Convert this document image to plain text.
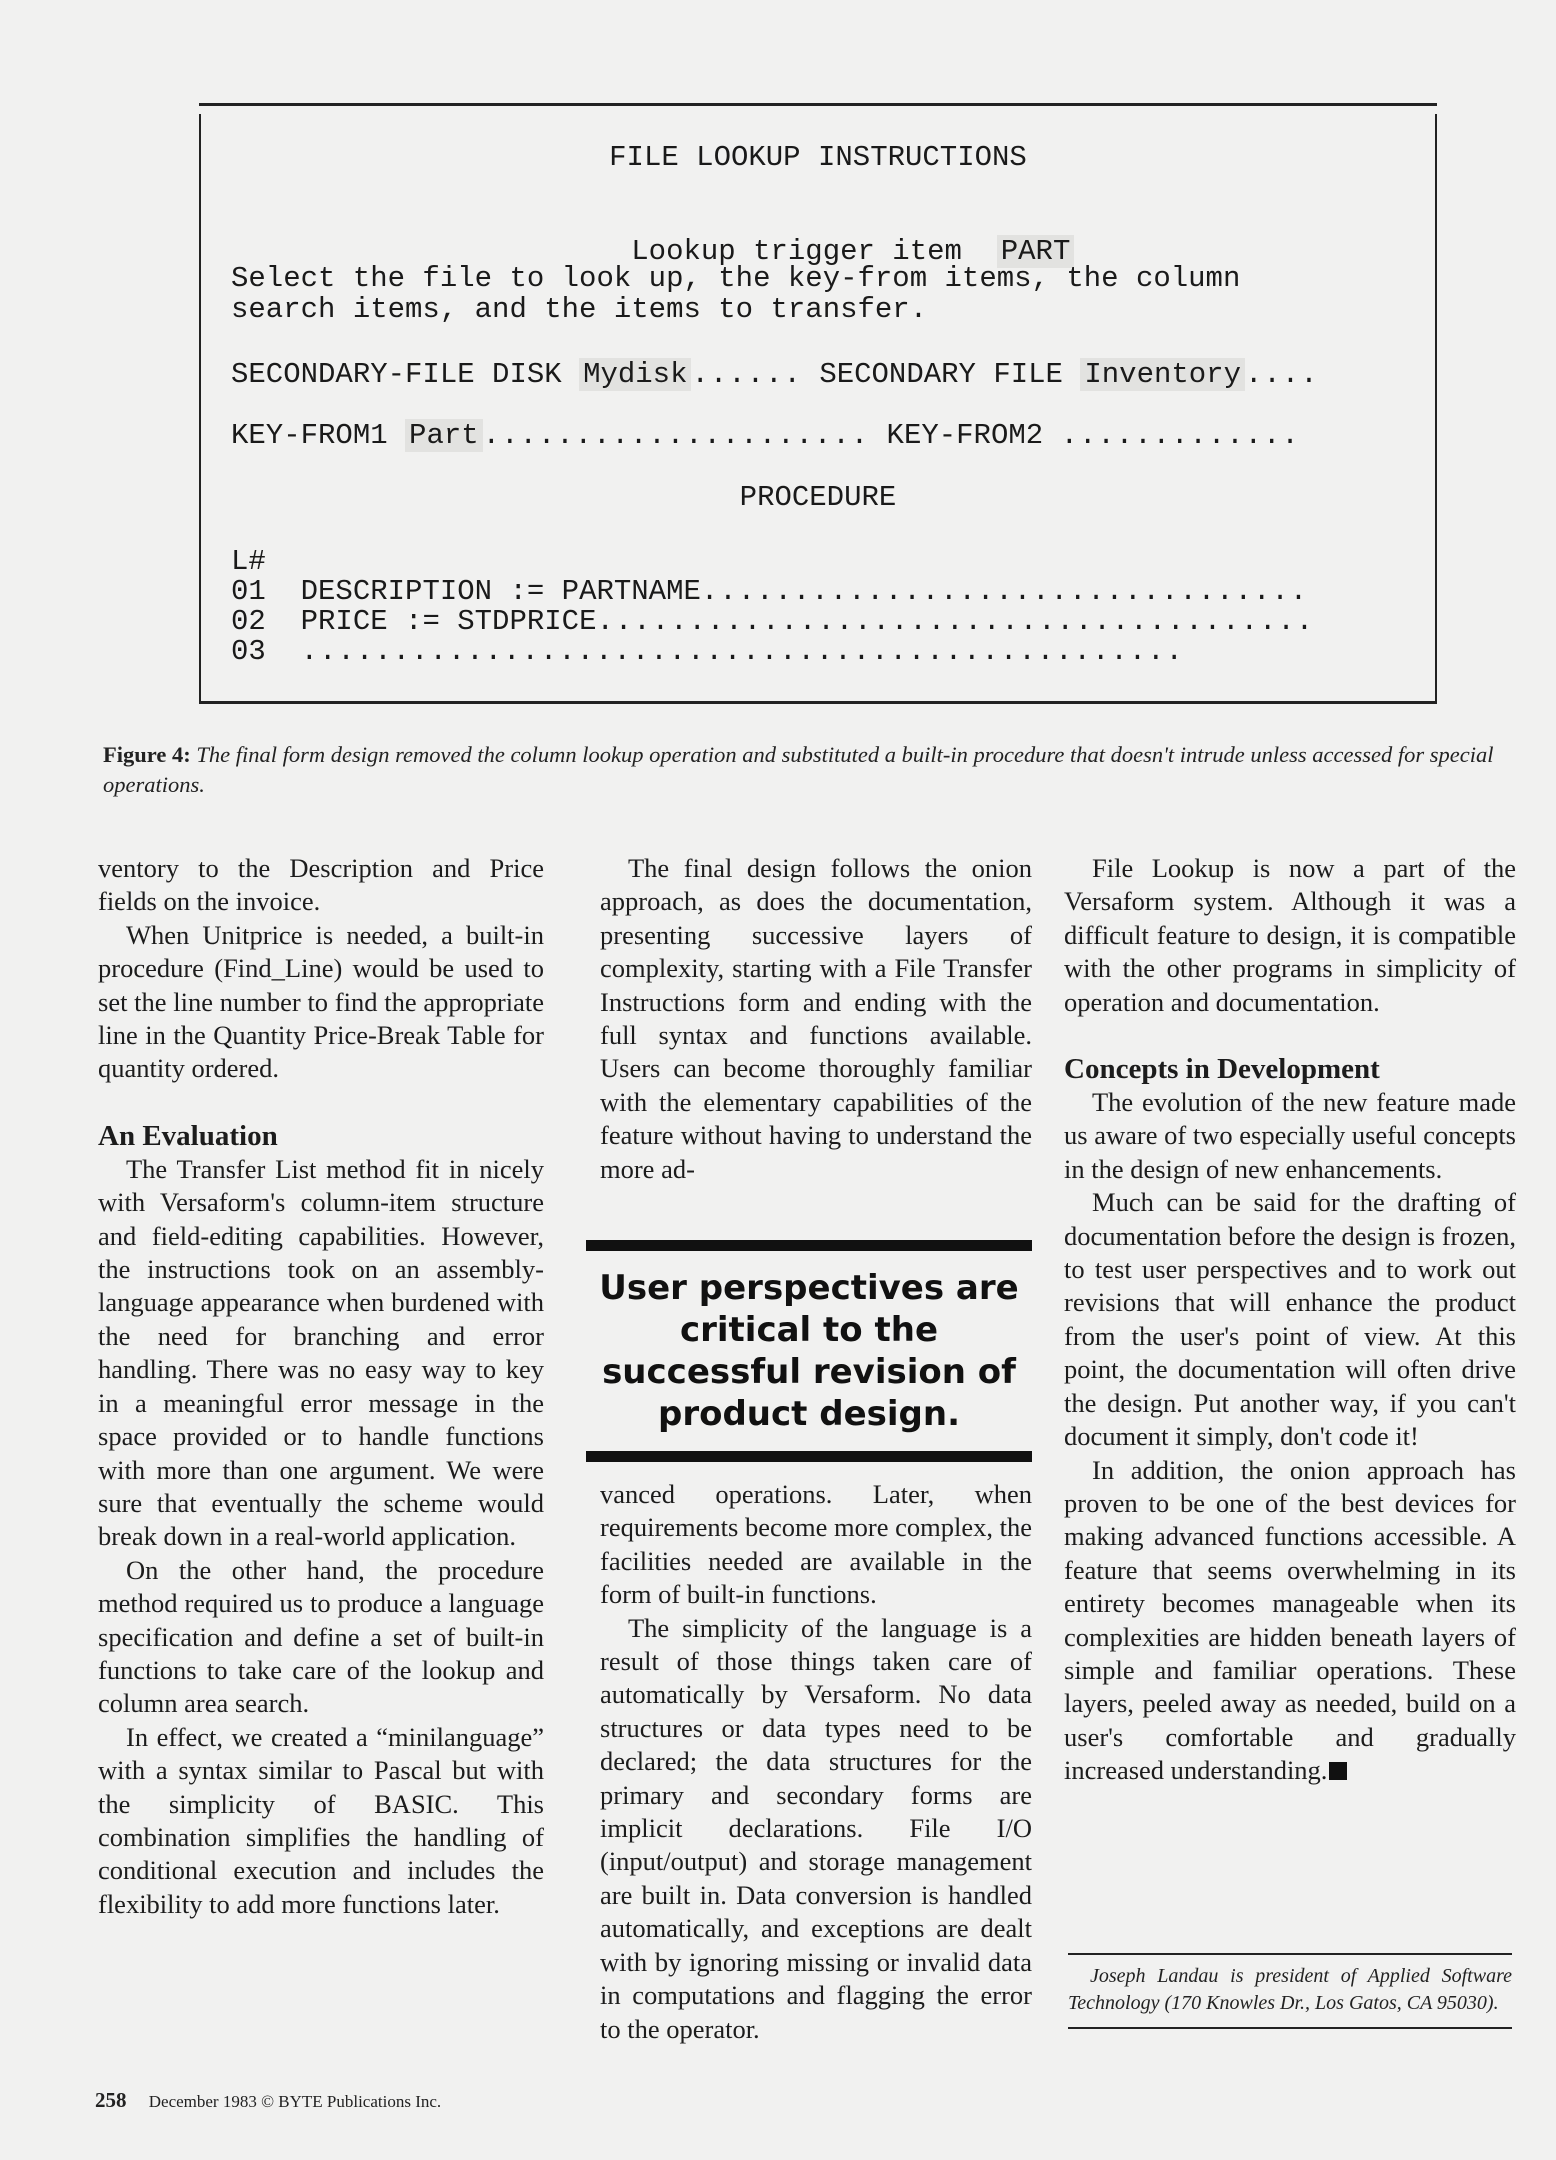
FILE LOOKUP INSTRUCTIONS

Lookup trigger item PART

Select the file to look up, the key-from items, the column
search items, and the items to transfer.
SECONDARY-FILE DISK Mydisk ...... SECONDARY FILE Inventory ....
KEY-FROM1 Part ..................... KEY-FROM2 .............
PROCEDURE
L#
01 DESCRIPTION := PARTNAME.................................
02 PRICE := STDPRICE.......................................
03 ................................................
Figure 4: The final form design removed the column lookup operation and substituted a built-in procedure that doesn't intrude unless accessed for special operations.

ventory to the Description and Price fields on the invoice.

When Unitprice is needed, a built-in procedure (Find_Line) would be used to set the line number to find the appropriate line in the Quantity Price-Break Table for quantity ordered.

An Evaluation

The Transfer List method fit in nicely with Versaform's column-item structure and field-editing capabilities. However, the instructions took on an assembly-language appearance when burdened with the need for branching and error handling. There was no easy way to key in a meaningful error message in the space provided or to handle functions with more than one argument. We were sure that eventually the scheme would break down in a real-world application.

On the other hand, the procedure method required us to produce a language specification and define a set of built-in functions to take care of the lookup and column area search.

In effect, we created a “minilanguage” with a syntax similar to Pascal but with the simplicity of BASIC. This combination simplifies the handling of conditional execution and includes the flexibility to add more functions later.

The final design follows the onion approach, as does the documentation, presenting successive layers of complexity, starting with a File Transfer Instructions form and ending with the full syntax and functions available. Users can become thoroughly familiar with the elementary capabilities of the feature without having to understand the more ad-

User perspectives are critical to the successful revision of product design.

vanced operations. Later, when requirements become more complex, the facilities needed are available in the form of built-in functions.

The simplicity of the language is a result of those things taken care of automatically by Versaform. No data structures or data types need to be declared; the data structures for the primary and secondary forms are implicit declarations. File I/O (input/output) and storage management are built in. Data conversion is handled automatically, and exceptions are dealt with by ignoring missing or invalid data in computations and flagging the error to the operator.

File Lookup is now a part of the Versaform system. Although it was a difficult feature to design, it is compatible with the other programs in simplicity of operation and documentation.

Concepts in Development

The evolution of the new feature made us aware of two especially useful concepts in the design of new enhancements.

Much can be said for the drafting of documentation before the design is frozen, to test user perspectives and to work out revisions that will enhance the product from the user's point of view. At this point, the documentation will often drive the design. Put another way, if you can't document it simply, don't code it!

In addition, the onion approach has proven to be one of the best devices for making advanced functions accessible. A feature that seems overwhelming in its entirety becomes manageable when its complexities are hidden beneath layers of simple and familiar operations. These layers, peeled away as needed, build on a user's comfortable and gradually increased understanding.

Joseph Landau is president of Applied Software Technology (170 Knowles Dr., Los Gatos, CA 95030).

258 December 1983 © BYTE Publications Inc.
